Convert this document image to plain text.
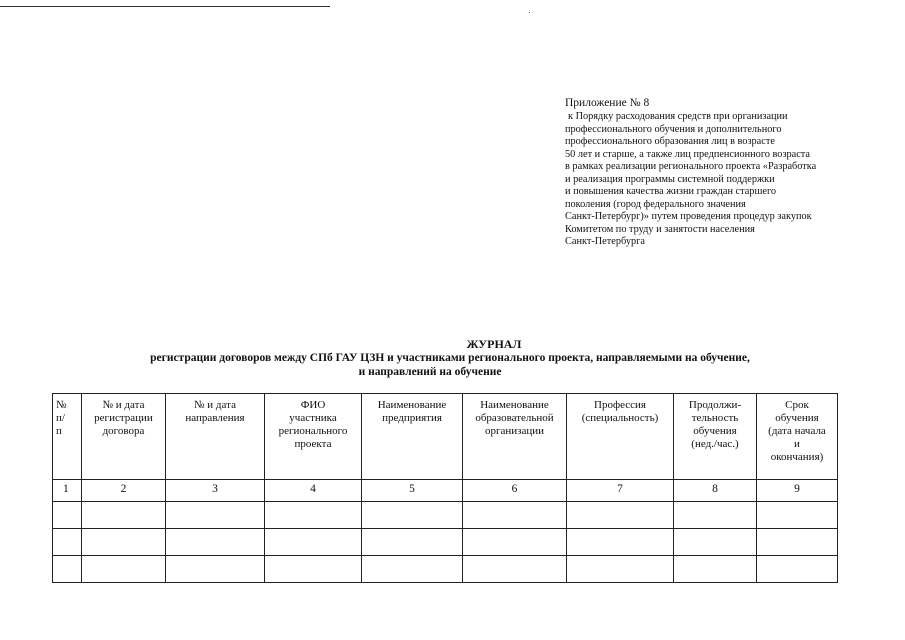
Приложение № 8
к Порядку расходования средств при организации
профессионального обучения и дополнительного
профессионального образования лиц в возрасте
50 лет и старше, а также лиц предпенсионного возраста
в рамках реализации регионального проекта «Разработка
и реализация программы системной поддержки
и повышения качества жизни граждан старшего
поколения (город федерального значения
Санкт-Петербург)» путем проведения процедур закупок
Комитетом по труду и занятости населения
Санкт-Петербурга
ЖУРНАЛ
регистрации договоров между СПб ГАУ ЦЗН и участниками регионального проекта, направляемыми на обучение,
и направлений на обучение
№
п/
п	№ и дата
регистрации
договора	№ и дата
направления	ФИО
участника
регионального
проекта	Наименование
предприятия	Наименование
образовательной
организации	Профессия
(специальность)	Продолжи-
тельность
обучения
(нед./час.)	Срок
обучения
(дата начала
и
окончания)

1	2	3	4	5	6	7	8	9
